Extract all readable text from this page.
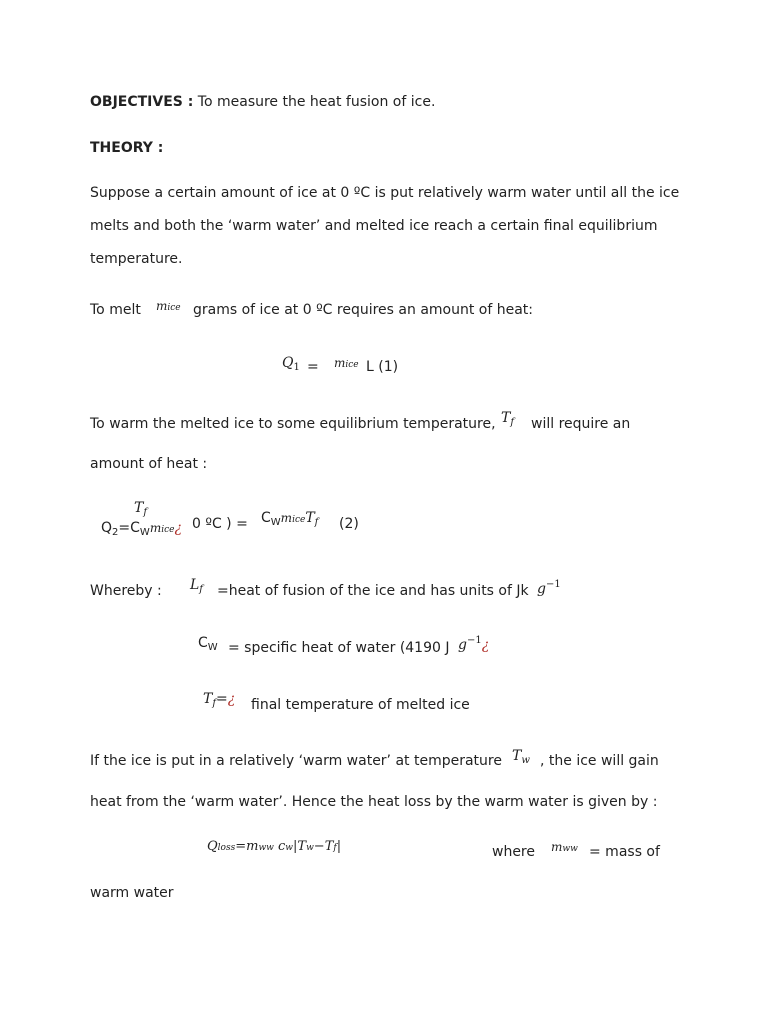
OBJECTIVES : To measure the heat fusion of ice.
THEORY :
Suppose a certain amount of ice at 0 ºC is put relatively warm water until all the ice
melts and both the ‘warm water’ and melted ice reach a certain final equilibrium
temperature.
To melt mice grams of ice at 0 ºC requires an amount of heat:
$Q_1$ = mice L (1)
To warm the melted ice to some equilibrium temperature, $T_f$ will require an
amount of heat :
$T_f$
$Q_2=C_Wmice¿$ 0 ºC ) = $C_WmiceT_f$ (2)
Whereby : $L_f$ =heat of fusion of the ice and has units of Jk $g^{-1}$
$C_W$ = specific heat of water (4190 J $g^{-1}¿$
$T_f=¿$ final temperature of melted ice
If the ice is put in a relatively ‘warm water’ at temperature $T_w$ , the ice will gain
heat from the ‘warm water’. Hence the heat loss by the warm water is given by :
Qloss=mww cw|Tw−Tf|	where mww = mass of
warm water
